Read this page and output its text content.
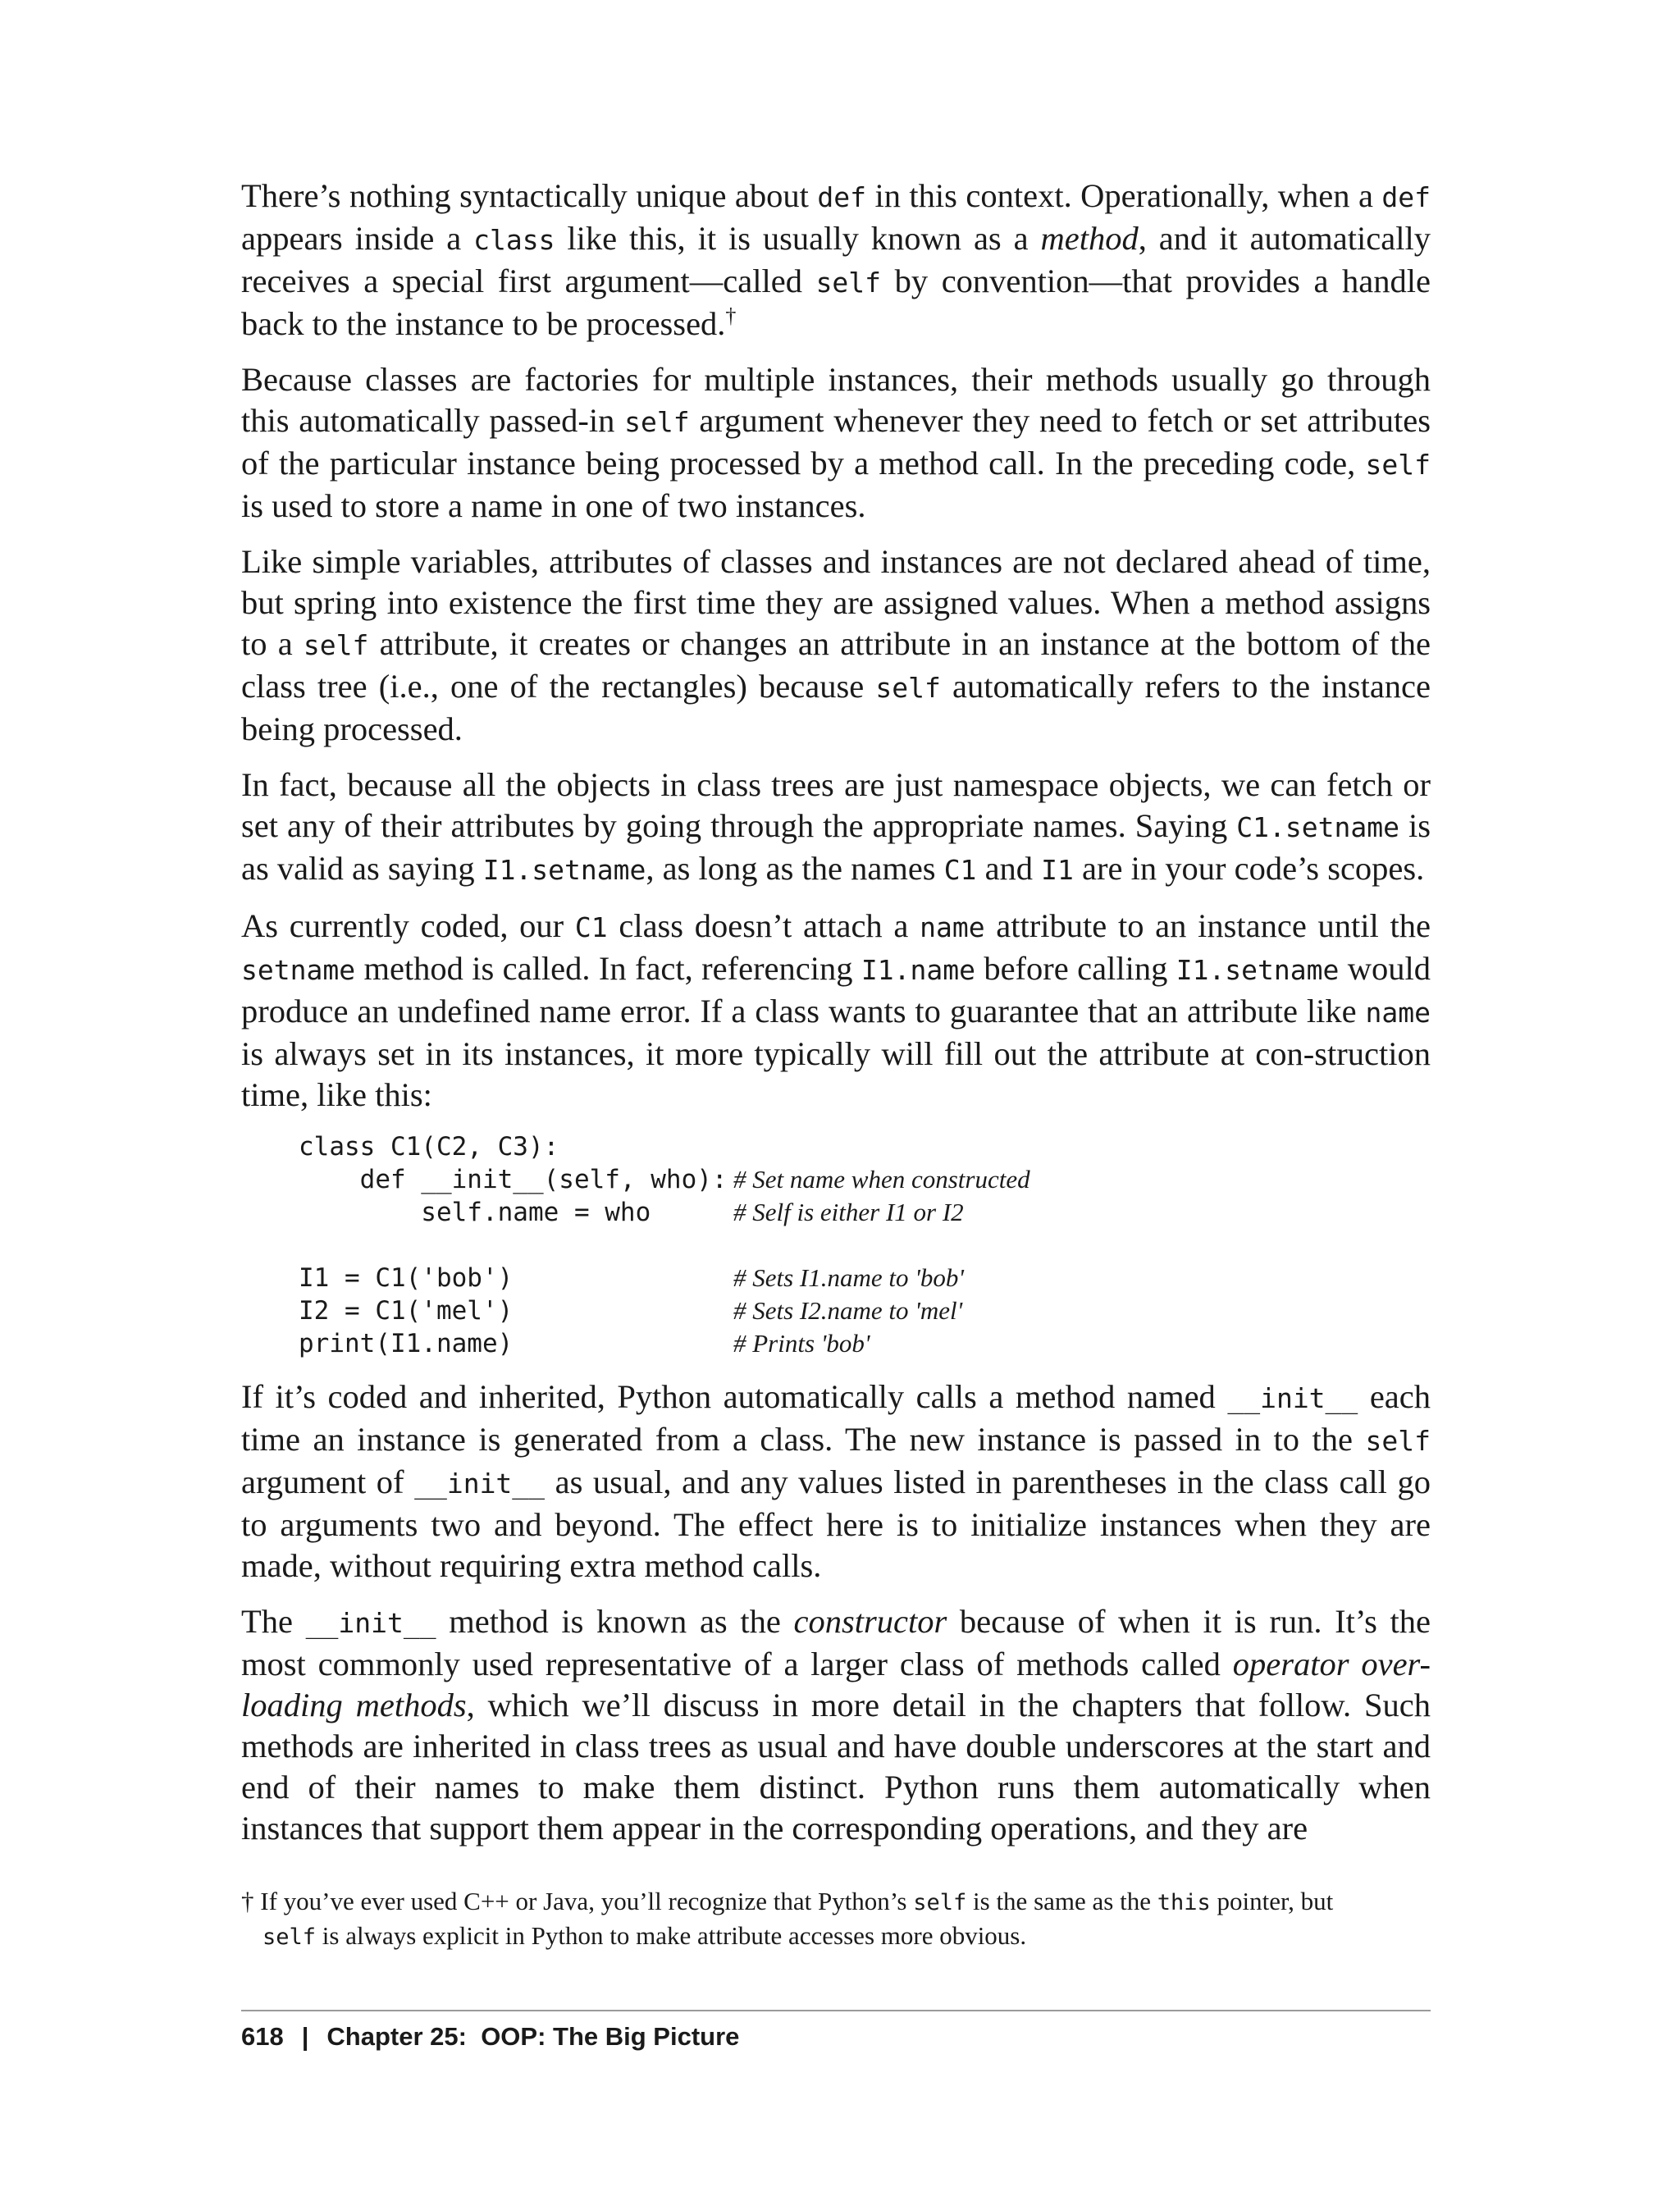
There’s nothing syntactically unique about def in this context. Operationally, when a def appears inside a class like this, it is usually known as a method, and it automatically receives a special first argument—called self by convention—that provides a handle back to the instance to be processed.†

Because classes are factories for multiple instances, their methods usually go through this automatically passed-in self argument whenever they need to fetch or set attributes of the particular instance being processed by a method call. In the preceding code, self is used to store a name in one of two instances.

Like simple variables, attributes of classes and instances are not declared ahead of time, but spring into existence the first time they are assigned values. When a method assigns to a self attribute, it creates or changes an attribute in an instance at the bottom of the class tree (i.e., one of the rectangles) because self automatically refers to the instance being processed.

In fact, because all the objects in class trees are just namespace objects, we can fetch or set any of their attributes by going through the appropriate names. Saying C1.setname is as valid as saying I1.setname, as long as the names C1 and I1 are in your code’s scopes.

As currently coded, our C1 class doesn’t attach a name attribute to an instance until the setname method is called. In fact, referencing I1.name before calling I1.setname would produce an undefined name error. If a class wants to guarantee that an attribute like name is always set in its instances, it more typically will fill out the attribute at con-struction time, like this:

class C1(C2, C3):
def __init__(self, who): # Set name when constructed
self.name = who	# Self is either I1 or I2
I1 = C1('bob')	# Sets I1.name to 'bob'
I2 = C1('mel')	# Sets I2.name to 'mel'
print(I1.name)	# Prints 'bob'

If it’s coded and inherited, Python automatically calls a method named __init__ each time an instance is generated from a class. The new instance is passed in to the self argument of __init__ as usual, and any values listed in parentheses in the class call go to arguments two and beyond. The effect here is to initialize instances when they are made, without requiring extra method calls.

The __init__ method is known as the constructor because of when it is run. It’s the most commonly used representative of a larger class of methods called operator over-loading methods, which we’ll discuss in more detail in the chapters that follow. Such methods are inherited in class trees as usual and have double underscores at the start and end of their names to make them distinct. Python runs them automatically when instances that support them appear in the corresponding operations, and they are

† If you’ve ever used C++ or Java, you’ll recognize that Python’s self is the same as the this pointer, but
self is always explicit in Python to make attribute accesses more obvious.
618 | Chapter 25:  OOP: The Big Picture
